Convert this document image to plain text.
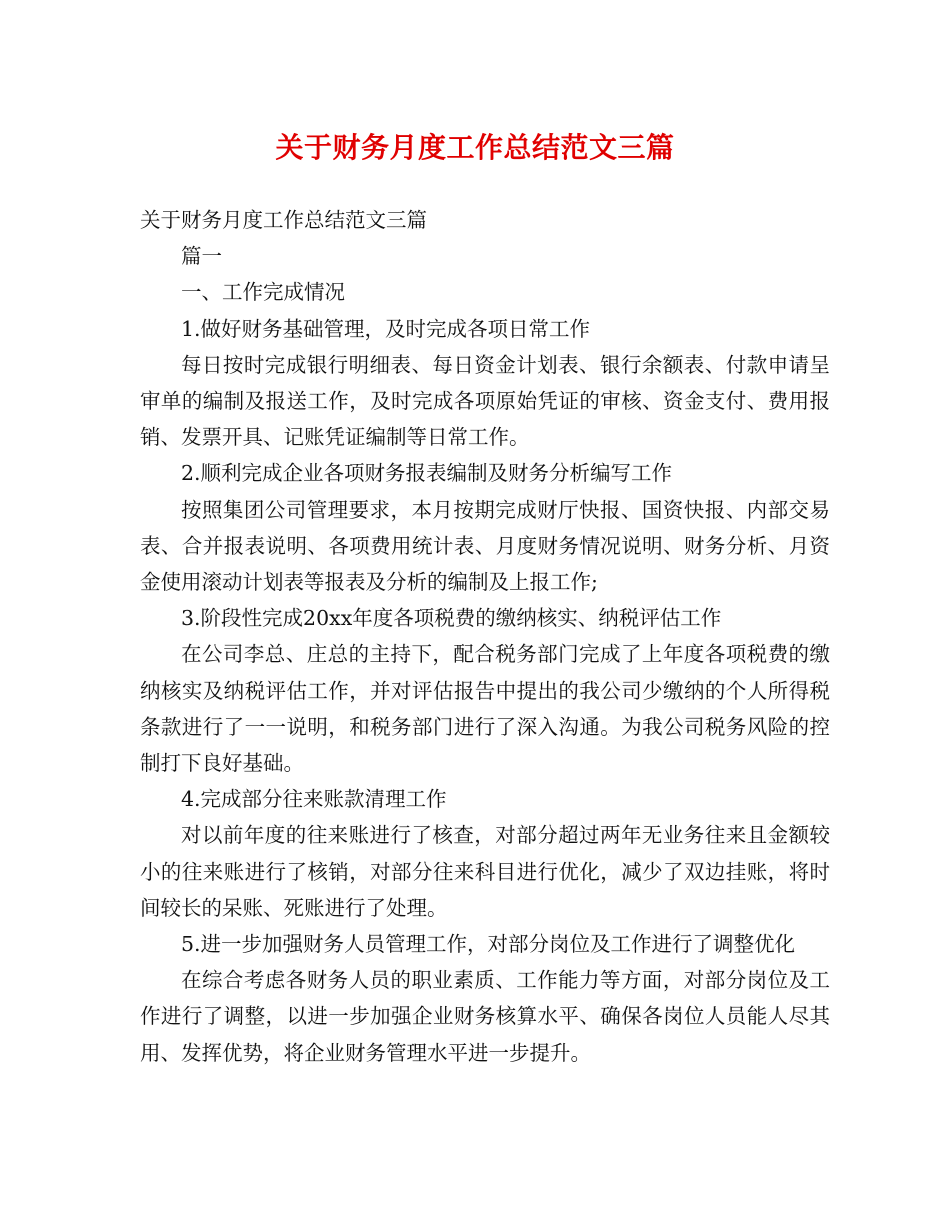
关于财务月度工作总结范文三篇

关于财务月度工作总结范文三篇

篇一

一、工作完成情况

1.做好财务基础管理，及时完成各项日常工作

每日按时完成银行明细表、每日资金计划表、银行余额表、付款申请呈审单的编制及报送工作，及时完成各项原始凭证的审核、资金支付、费用报销、发票开具、记账凭证编制等日常工作。

2.顺利完成企业各项财务报表编制及财务分析编写工作

按照集团公司管理要求，本月按期完成财厅快报、国资快报、内部交易表、合并报表说明、各项费用统计表、月度财务情况说明、财务分析、月资金使用滚动计划表等报表及分析的编制及上报工作;

3.阶段性完成20xx年度各项税费的缴纳核实、纳税评估工作

在公司李总、庄总的主持下，配合税务部门完成了上年度各项税费的缴纳核实及纳税评估工作，并对评估报告中提出的我公司少缴纳的个人所得税条款进行了一一说明，和税务部门进行了深入沟通。为我公司税务风险的控制打下良好基础。

4.完成部分往来账款清理工作

对以前年度的往来账进行了核查，对部分超过两年无业务往来且金额较小的往来账进行了核销，对部分往来科目进行优化，减少了双边挂账，将时间较长的呆账、死账进行了处理。

5.进一步加强财务人员管理工作，对部分岗位及工作进行了调整优化

在综合考虑各财务人员的职业素质、工作能力等方面，对部分岗位及工作进行了调整，以进一步加强企业财务核算水平、确保各岗位人员能人尽其用、发挥优势，将企业财务管理水平进一步提升。
